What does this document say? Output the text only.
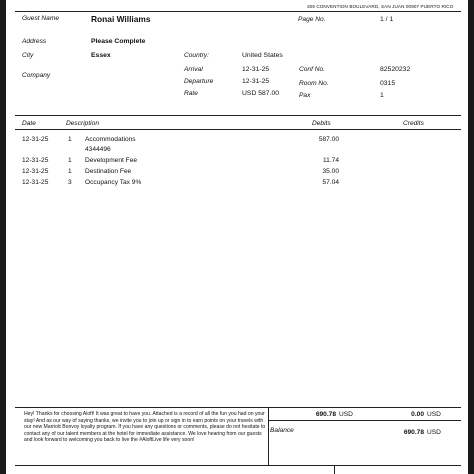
309 CONVENTION BOULEVARD, SAN JUAN 00907 PUERTO RICO
Guest Name	Ronai Williams	Page No.	1 / 1
Address	Please Complete
City	Essex	Country:	United States
Arrival	12-31-25	Conf No.	82520232
Company
Departure	12-31-25	Room No.	0315
Rate	USD 587.00	Pax	1
Date	Description	Debits	Credits
12-31-25	1 Accommodations	587.00
4344496
12-31-25	1 Development Fee	11.74
12-31-25	1 Destination Fee	35.00
12-31-25	3 Occupancy Tax 9%	57.04
Hey! Thanks for choosing Aloft! It was great to have you. Attached is a record of all the fun you had on your stay! And as our way of saying thanks, we invite you to join up or sign in to earn points on your travels with our new Marriott Bonvoy loyalty program. If you have any questions or comments, please do not hesitate to contact any of our talent members at the hotel for immediate assistance. We love hearing from our guests and look forward to welcoming you back to live the #AloftLive life very soon!
690.78 USD	0.00 USD
Balance	690.78 USD
